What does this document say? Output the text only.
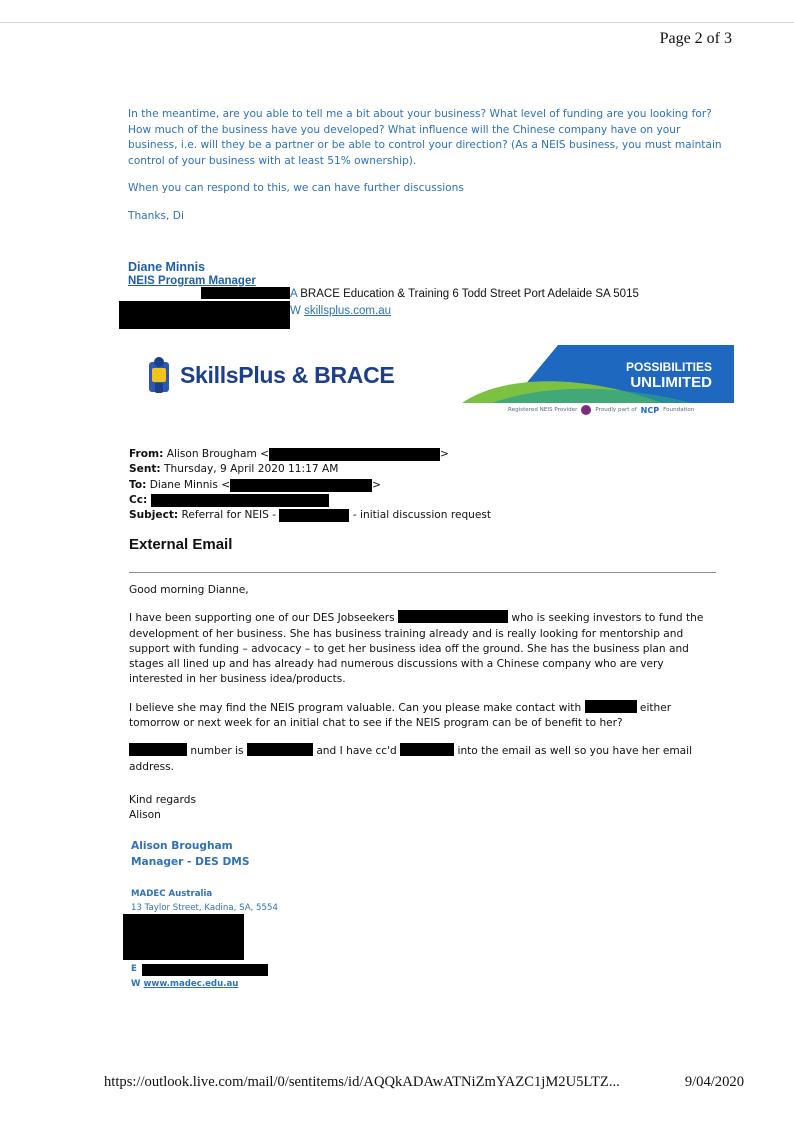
Page 2 of 3

In the meantime, are you able to tell me a bit about your business? What level of funding are you looking for? How much of the business have you developed? What influence will the Chinese company have on your business, i.e. will they be a partner or be able to control your direction? (As a NEIS business, you must maintain control of your business with at least 51% ownership).

When you can respond to this, we can have further discussions

Thanks, Di

Diane Minnis
NEIS Program Manager
A BRACE Education & Training 6 Todd Street Port Adelaide SA 5015
W skillsplus.com.au
SkillsPlus & BRACE	POSSIBILITIES
UNLIMITED
Registered NEIS Provider	Proudly part of NCP Foundation
From:
Alison Brougham <	>
Sent:
Thursday, 9 April 2020 11:17 AM
To:
Diane Minnis <	>
Cc:

Subject:
Referral for NEIS -

	- initial discussion request
External Email

Good morning Dianne,

I have been supporting one of our DES Jobseekers	who is seeking investors to fund the development of her business. She has business training already and is really looking for mentorship and support with funding – advocacy – to get her business idea off the ground. She has the business plan and stages all lined up and has already had numerous discussions with a Chinese company who are very interested in her business idea/products.

I believe she may find the NEIS program valuable. Can you please make contact with	either tomorrow or next week for an initial chat to see if the NEIS program can be of benefit to her?

number is	and I have cc'd	into the email as well so you have her email address.

Kind regards
Alison

Alison Brougham
Manager - DES DMS
MADEC Australia
13 Taylor Street, Kadina, SA, 5554
E
W www.madec.edu.au
https://outlook.live.com/mail/0/sentitems/id/AQQkADAwATNiZmYAZC1jM2U5LTZ...	9/04/2020
